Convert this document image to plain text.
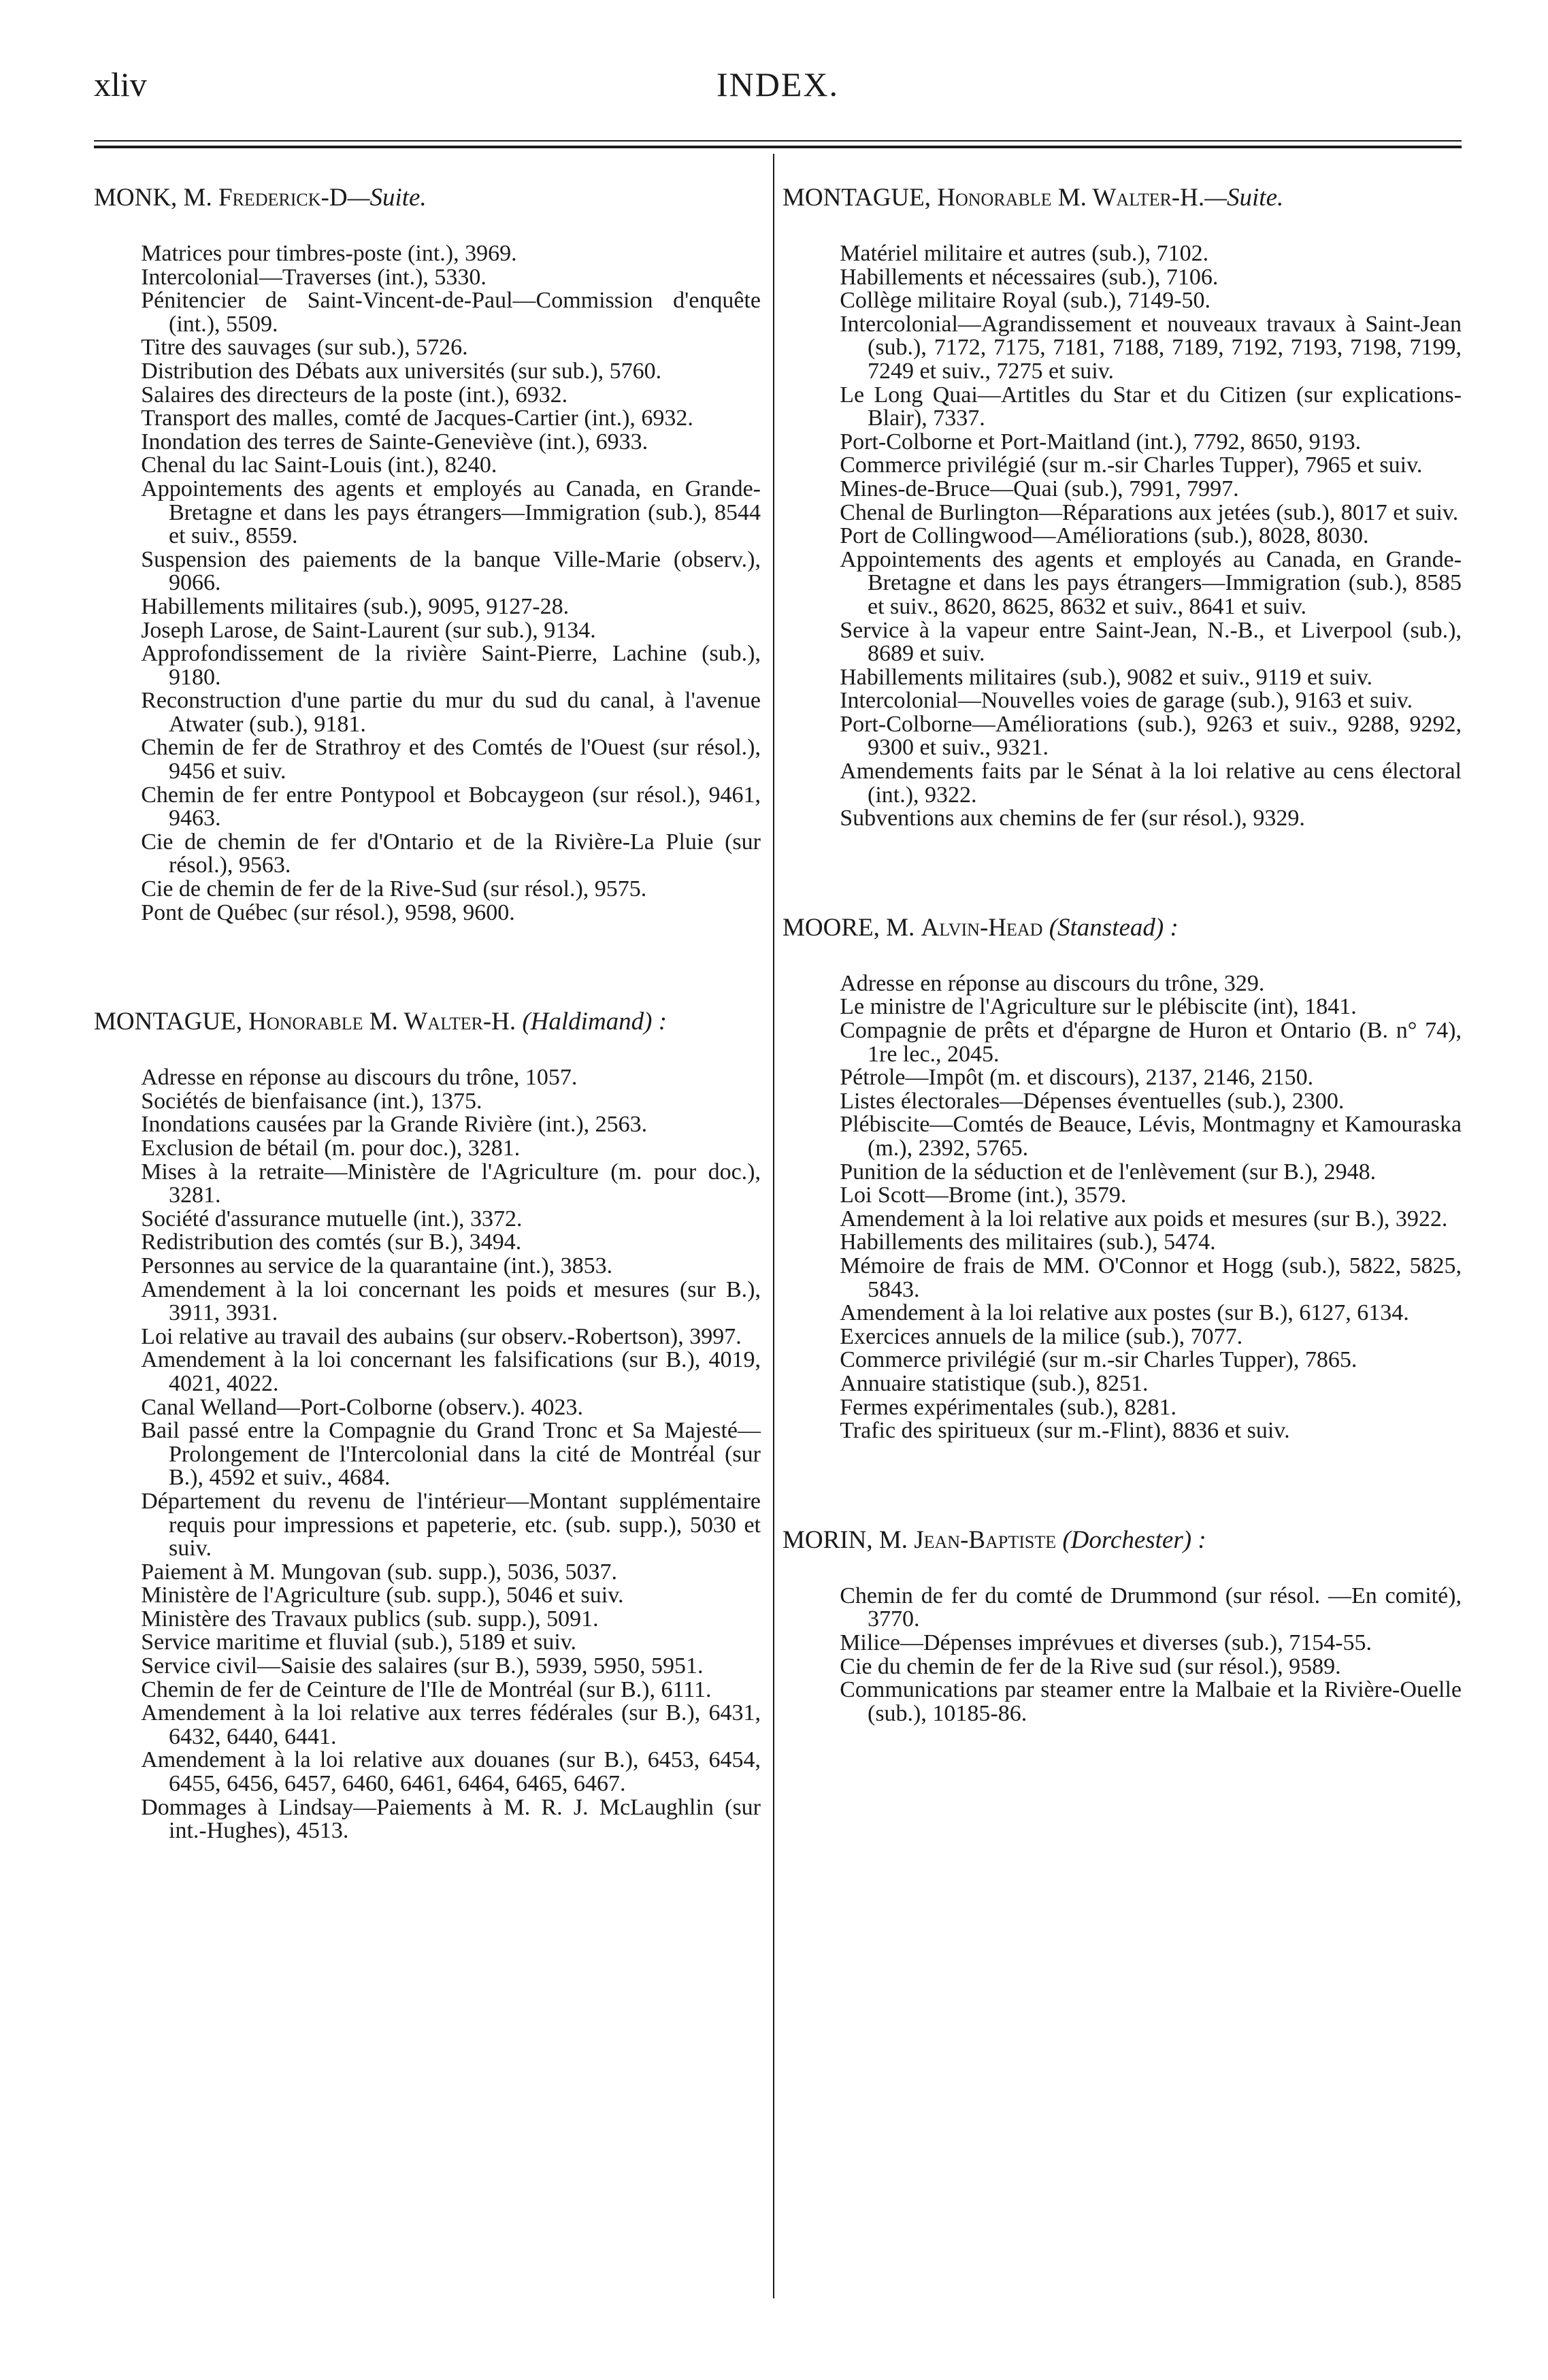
xliv	INDEX.
MONK, M. Frederick-D—Suite.

Matrices pour timbres-poste (int.), 3969.

Intercolonial—Traverses (int.), 5330.

Pénitencier de Saint-Vincent-de-Paul—Commission d'enquête (int.), 5509.

Titre des sauvages (sur sub.), 5726.

Distribution des Débats aux universités (sur sub.), 5760.

Salaires des directeurs de la poste (int.), 6932.

Transport des malles, comté de Jacques-Cartier (int.), 6932.

Inondation des terres de Sainte-Geneviève (int.), 6933.

Chenal du lac Saint-Louis (int.), 8240.

Appointements des agents et employés au Canada, en Grande-Bretagne et dans les pays étrangers—Immigration (sub.), 8544 et suiv., 8559.

Suspension des paiements de la banque Ville-Marie (observ.), 9066.

Habillements militaires (sub.), 9095, 9127-28.

Joseph Larose, de Saint-Laurent (sur sub.), 9134.

Approfondissement de la rivière Saint-Pierre, Lachine (sub.), 9180.

Reconstruction d'une partie du mur du sud du canal, à l'avenue Atwater (sub.), 9181.

Chemin de fer de Strathroy et des Comtés de l'Ouest (sur résol.), 9456 et suiv.

Chemin de fer entre Pontypool et Bobcaygeon (sur résol.), 9461, 9463.

Cie de chemin de fer d'Ontario et de la Rivière-La Pluie (sur résol.), 9563.

Cie de chemin de fer de la Rive-Sud (sur résol.), 9575.

Pont de Québec (sur résol.), 9598, 9600.

MONTAGUE, Honorable M. Walter-H. (Haldimand) :

Adresse en réponse au discours du trône, 1057.

Sociétés de bienfaisance (int.), 1375.

Inondations causées par la Grande Rivière (int.), 2563.

Exclusion de bétail (m. pour doc.), 3281.

Mises à la retraite—Ministère de l'Agriculture (m. pour doc.), 3281.

Société d'assurance mutuelle (int.), 3372.

Redistribution des comtés (sur B.), 3494.

Personnes au service de la quarantaine (int.), 3853.

Amendement à la loi concernant les poids et mesures (sur B.), 3911, 3931.

Loi relative au travail des aubains (sur observ.-Robertson), 3997.

Amendement à la loi concernant les falsifications (sur B.), 4019, 4021, 4022.

Canal Welland—Port-Colborne (observ.). 4023.

Bail passé entre la Compagnie du Grand Tronc et Sa Majesté—Prolongement de l'Intercolonial dans la cité de Montréal (sur B.), 4592 et suiv., 4684.

Département du revenu de l'intérieur—Montant supplémentaire requis pour impressions et papeterie, etc. (sub. supp.), 5030 et suiv.

Paiement à M. Mungovan (sub. supp.), 5036, 5037.

Ministère de l'Agriculture (sub. supp.), 5046 et suiv.

Ministère des Travaux publics (sub. supp.), 5091.

Service maritime et fluvial (sub.), 5189 et suiv.

Service civil—Saisie des salaires (sur B.), 5939, 5950, 5951.

Chemin de fer de Ceinture de l'Ile de Montréal (sur B.), 6111.

Amendement à la loi relative aux terres fédérales (sur B.), 6431, 6432, 6440, 6441.

Amendement à la loi relative aux douanes (sur B.), 6453, 6454, 6455, 6456, 6457, 6460, 6461, 6464, 6465, 6467.

Dommages à Lindsay—Paiements à M. R. J. McLaughlin (sur int.-Hughes), 4513.

MONTAGUE, Honorable M. Walter-H.—Suite.

Matériel militaire et autres (sub.), 7102.

Habillements et nécessaires (sub.), 7106.

Collège militaire Royal (sub.), 7149-50.

Intercolonial—Agrandissement et nouveaux travaux à Saint-Jean (sub.), 7172, 7175, 7181, 7188, 7189, 7192, 7193, 7198, 7199, 7249 et suiv., 7275 et suiv.

Le Long Quai—Artitles du Star et du Citizen (sur explications-Blair), 7337.

Port-Colborne et Port-Maitland (int.), 7792, 8650, 9193.

Commerce privilégié (sur m.-sir Charles Tupper), 7965 et suiv.

Mines-de-Bruce—Quai (sub.), 7991, 7997.

Chenal de Burlington—Réparations aux jetées (sub.), 8017 et suiv.

Port de Collingwood—Améliorations (sub.), 8028, 8030.

Appointements des agents et employés au Canada, en Grande-Bretagne et dans les pays étrangers—Immigration (sub.), 8585 et suiv., 8620, 8625, 8632 et suiv., 8641 et suiv.

Service à la vapeur entre Saint-Jean, N.-B., et Liverpool (sub.), 8689 et suiv.

Habillements militaires (sub.), 9082 et suiv., 9119 et suiv.

Intercolonial—Nouvelles voies de garage (sub.), 9163 et suiv.

Port-Colborne—Améliorations (sub.), 9263 et suiv., 9288, 9292, 9300 et suiv., 9321.

Amendements faits par le Sénat à la loi relative au cens électoral (int.), 9322.

Subventions aux chemins de fer (sur résol.), 9329.

MOORE, M. Alvin-Head (Stanstead) :

Adresse en réponse au discours du trône, 329.

Le ministre de l'Agriculture sur le plébiscite (int), 1841.

Compagnie de prêts et d'épargne de Huron et Ontario (B. n° 74), 1re lec., 2045.

Pétrole—Impôt (m. et discours), 2137, 2146, 2150.

Listes électorales—Dépenses éventuelles (sub.), 2300.

Plébiscite—Comtés de Beauce, Lévis, Montmagny et Kamouraska (m.), 2392, 5765.

Punition de la séduction et de l'enlèvement (sur B.), 2948.

Loi Scott—Brome (int.), 3579.

Amendement à la loi relative aux poids et mesures (sur B.), 3922.

Habillements des militaires (sub.), 5474.

Mémoire de frais de MM. O'Connor et Hogg (sub.), 5822, 5825, 5843.

Amendement à la loi relative aux postes (sur B.), 6127, 6134.

Exercices annuels de la milice (sub.), 7077.

Commerce privilégié (sur m.-sir Charles Tupper), 7865.

Annuaire statistique (sub.), 8251.

Fermes expérimentales (sub.), 8281.

Trafic des spiritueux (sur m.-Flint), 8836 et suiv.

MORIN, M. Jean-Baptiste (Dorchester) :

Chemin de fer du comté de Drummond (sur résol. —En comité), 3770.

Milice—Dépenses imprévues et diverses (sub.), 7154-55.

Cie du chemin de fer de la Rive sud (sur résol.), 9589.

Communications par steamer entre la Malbaie et la Rivière-Ouelle (sub.), 10185-86.
